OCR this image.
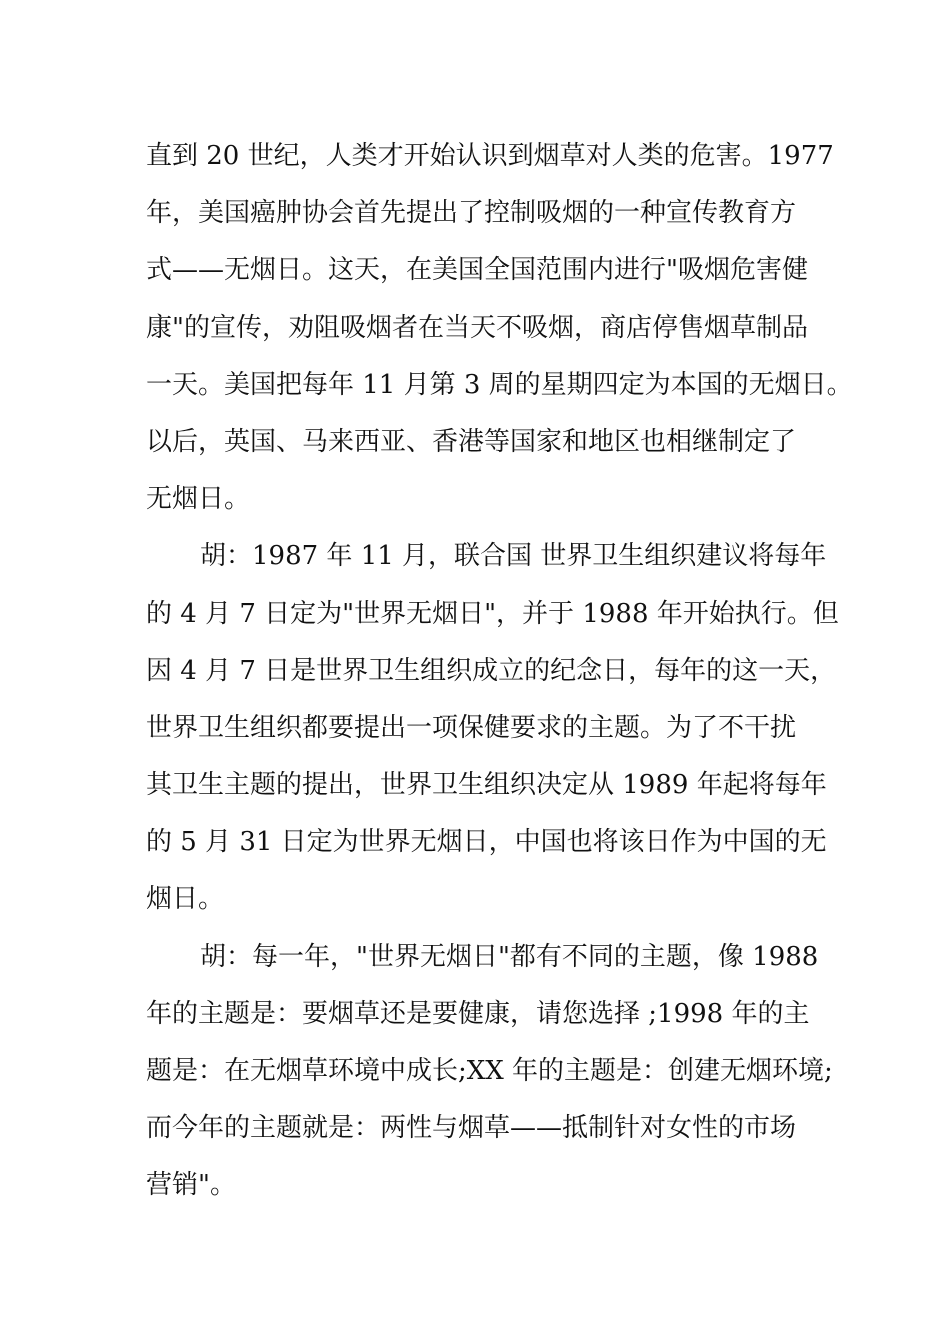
直到 20 世纪，人类才开始认识到烟草对人类的危害。1977
年，美国癌肿协会首先提出了控制吸烟的一种宣传教育方
式——无烟日。这天，在美国全国范围内进行"吸烟危害健
康"的宣传，劝阻吸烟者在当天不吸烟，商店停售烟草制品
一天。美国把每年 11 月第 3 周的星期四定为本国的无烟日。
以后，英国、马来西亚、香港等国家和地区也相继制定了
无烟日。
胡：1987 年 11 月，联合国 世界卫生组织建议将每年
的 4 月 7 日定为"世界无烟日"，并于 1988 年开始执行。但
因 4 月 7 日是世界卫生组织成立的纪念日，每年的这一天，
世界卫生组织都要提出一项保健要求的主题。为了不干扰
其卫生主题的提出，世界卫生组织决定从 1989 年起将每年
的 5 月 31 日定为世界无烟日，中国也将该日作为中国的无
烟日。
胡：每一年，"世界无烟日"都有不同的主题，像 1988
年的主题是：要烟草还是要健康，请您选择 ;1998 年的主
题是：在无烟草环境中成长;XX 年的主题是：创建无烟环境;
而今年的主题就是：两性与烟草——抵制针对女性的市场
营销"。
